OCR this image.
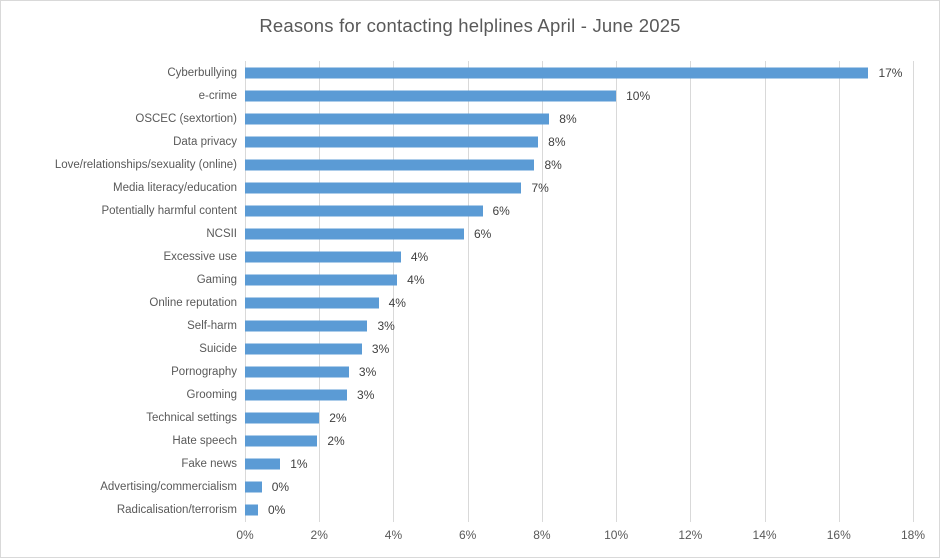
Reasons for contacting helplines April - June 2025
Cyberbullying	17%
e-crime	10%
OSCEC (sextortion)	8%
Data privacy	8%
Love/relationships/sexuality (online)	8%
Media literacy/education	7%
Potentially harmful content	6%
NCSII	6%
Excessive use	4%
Gaming	4%
Online reputation	4%
Self-harm	3%
Suicide	3%
Pornography	3%
Grooming	3%
Technical settings	2%
Hate speech	2%
Fake news	1%
Advertising/commercialism	0%
Radicalisation/terrorism	0%
0%	2%	4%	6%	8%	10%	12%	14%	16%	18%
